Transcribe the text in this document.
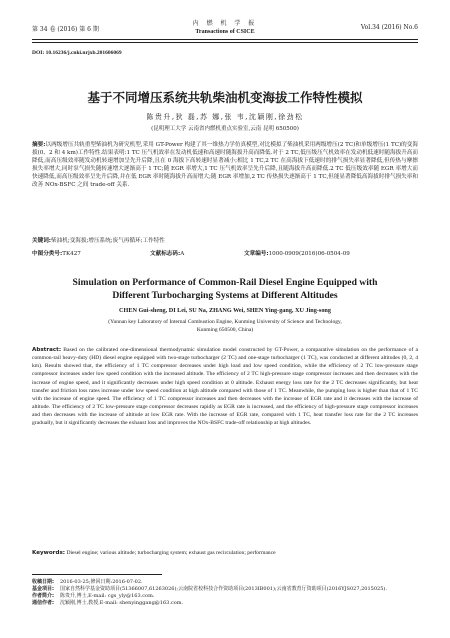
第 34 卷 (2016) 第 6 期
内 燃 机 学 报
Transactions of CSICE
Vol.34 (2016) No.6
DOI: 10.16236/j.cnki.nrjxb.201606069
基于不同增压系统共轨柴油机变海拔工作特性模拟
陈贵升,狄 磊,苏 娜,张 韦,沈颖刚,徐劲松
(昆明理工大学 云南省内燃机重点实验室,云南 昆明 650500)
摘要:以两级增压共轨重型柴油机为研究机型,采用 GT-Power 构建了其一维热力学仿真模型,对比模拟了柴油机采用两级增压(2 TC)和单级增压(1 TC)的变海拔(0、2 和 4 km)工作特性.结果表明:1 TC 压气机效率在发动机低速和高速时随海拔升高而降低.对于 2 TC,低压级压气机效率在发动机低速时随海拔升高而降低,而高压级效率随发动机转速增加呈先升后降,且在 0 海拔下高转速时显著减小;相比 1 TC,2 TC 在高海拔下低速时的排气损失率显著降低,但传热与摩擦损失率增大,同时泵气损失随转速增大逐渐高于 1 TC;随 EGR 率增大,1 TC 压气机效率呈先升后降,且随海拔升高而降低.2 TC 低压级效率随 EGR 率增大而快速降低,而高压级效率呈先升后降,并在低 EGR 率时随海拔升高而增大;随 EGR 率增加,2 TC 传热损失逐渐高于 1 TC,但能显著降低高海拔时排气损失率和改善 NOx-BSFC 之间 trade-off 关系.
关键词:柴油机;变海拔;增压系统;废气再循环;工作特性
中图分类号:TK427	文献标志码:A	文章编号:1000-0909(2016)06-0504-09
Simulation on Performance of Common-Rail Diesel Engine Equipped with
Different Turbocharging Systems at Different Altitudes
CHEN Gui-sheng, DI Lei, SU Na, ZHANG Wei, SHEN Ying-gang, XU Jing-song
(Yunnan key Laboratory of Internal Combustion Engine, Kunming University of Science and Technology,
Kunming 650500, China)
Abstract: Based on the calibrated one-dimensional thermodynamic simulation model constructed by GT-Power, a comparative simulation on the performance of a common-rail heavy-duty (HD) diesel engine equipped with two-stage turbocharger (2 TC) and one-stage turbocharger (1 TC), was conducted at different altitudes (0, 2, 4 km). Results showed that, the efficiency of 1 TC compressor decreases under high load and low speed condition, while the efficiency of 2 TC low-pressure stage compressor increases under low speed condition with the increased altitude. The efficiency of 2 TC high-pressure stage compressor increases and then decreases with the increase of engine speed, and it significantly decreases under high speed condition at 0 altitude. Exhaust energy loss rate for the 2 TC decreases significantly, but heat transfer and friction loss rates increase under low speed condition at high altitude compared with those of 1 TC. Meanwhile, the pumping loss is higher than that of 1 TC with the increase of engine speed. The efficiency of 1 TC compressor increases and then decreases with the increase of EGR rate and it decreases with the increase of altitude. The efficiency of 2 TC low-pressure stage compressor decreases rapidly as EGR rate is increased, and the efficiency of high-pressure stage compressor increases and then decreases with the increase of altitude at low EGR rate. With the increase of EGR rate, compared with 1 TC, heat transfer loss rate for the 2 TC increases gradually, but it significantly decreases the exhaust loss and improves the NOx-BSFC trade-off relationship at high altitudes.
Keywords: Diesel engine; various altitude; turbocharging system; exhaust gas recirculation; performance
收稿日期: 2016-03-25;修回日期:2016-07-02.
基金项目: 国家自然科学基金资助项目(51366007,61263026);云南院省校科技合作资助项目(2013IB001);云南省教育厅资助项目(2016YJS027,2015025).
作者简介: 陈贵升,博士,E-mail: cgs_yly@163.com.
通信作者: 沈颖刚,博士,教授,E-mail: shenyinggang@163.com.
